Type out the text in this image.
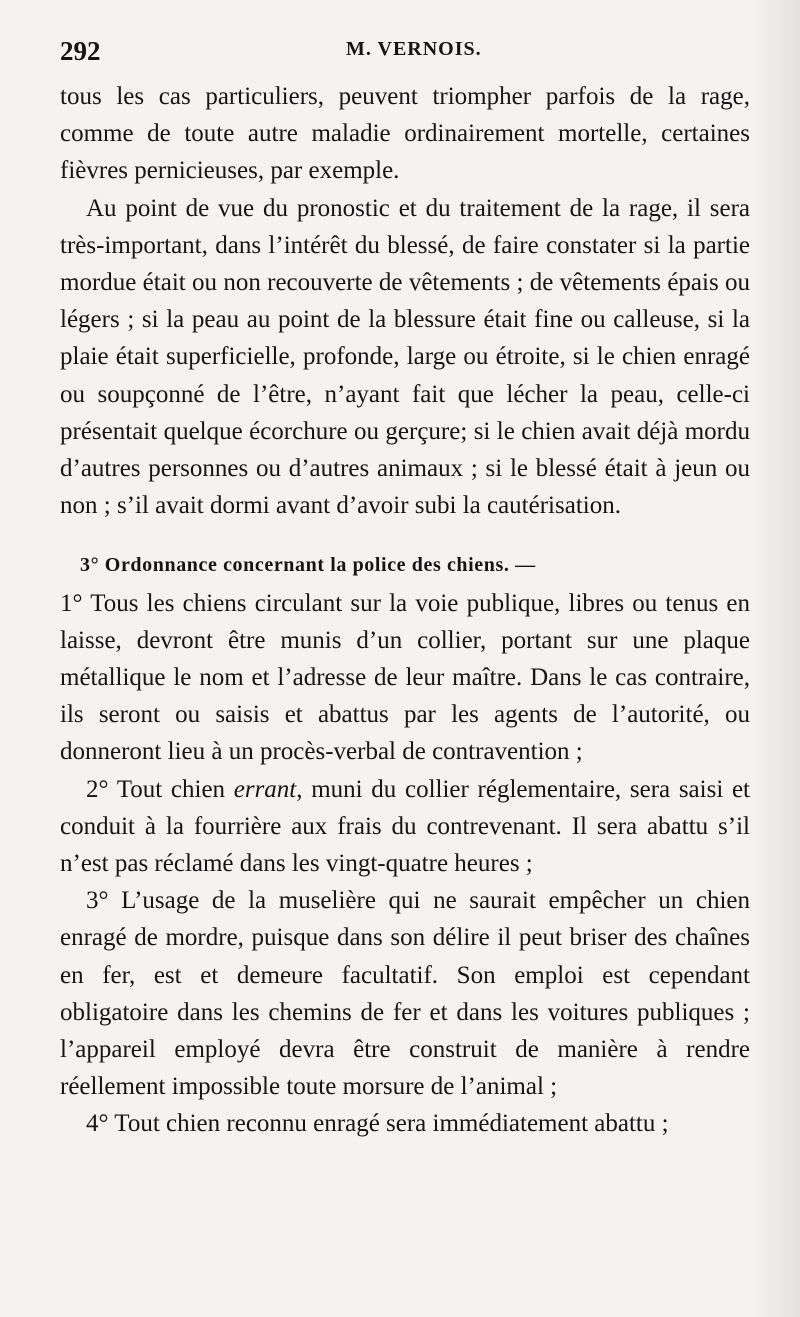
292	M. VERNOIS.

tous les cas particuliers, peuvent triompher parfois de la rage, comme de toute autre maladie ordinairement mortelle, certaines fièvres pernicieuses, par exemple.

Au point de vue du pronostic et du traitement de la rage, il sera très-important, dans l’intérêt du blessé, de faire constater si la partie mordue était ou non recouverte de vêtements ; de vêtements épais ou légers ; si la peau au point de la blessure était fine ou calleuse, si la plaie était superficielle, profonde, large ou étroite, si le chien enragé ou soupçonné de l’être, n’ayant fait que lécher la peau, celle-ci présentait quelque écorchure ou gerçure; si le chien avait déjà mordu d’autres personnes ou d’autres animaux ; si le blessé était à jeun ou non ; s’il avait dormi avant d’avoir subi la cautérisation.

3° Ordonnance concernant la police des chiens. —

1° Tous les chiens circulant sur la voie publique, libres ou tenus en laisse, devront être munis d’un collier, portant sur une plaque métallique le nom et l’adresse de leur maître. Dans le cas contraire, ils seront ou saisis et abattus par les agents de l’autorité, ou donneront lieu à un procès-verbal de contravention ;

2° Tout chien errant, muni du collier réglementaire, sera saisi et conduit à la fourrière aux frais du contrevenant. Il sera abattu s’il n’est pas réclamé dans les vingt-quatre heures ;

3° L’usage de la muselière qui ne saurait empêcher un chien enragé de mordre, puisque dans son délire il peut briser des chaînes en fer, est et demeure facultatif. Son emploi est cependant obligatoire dans les chemins de fer et dans les voitures publiques ; l’appareil employé devra être construit de manière à rendre réellement impossible toute morsure de l’animal ;

4° Tout chien reconnu enragé sera immédiatement abattu ;
